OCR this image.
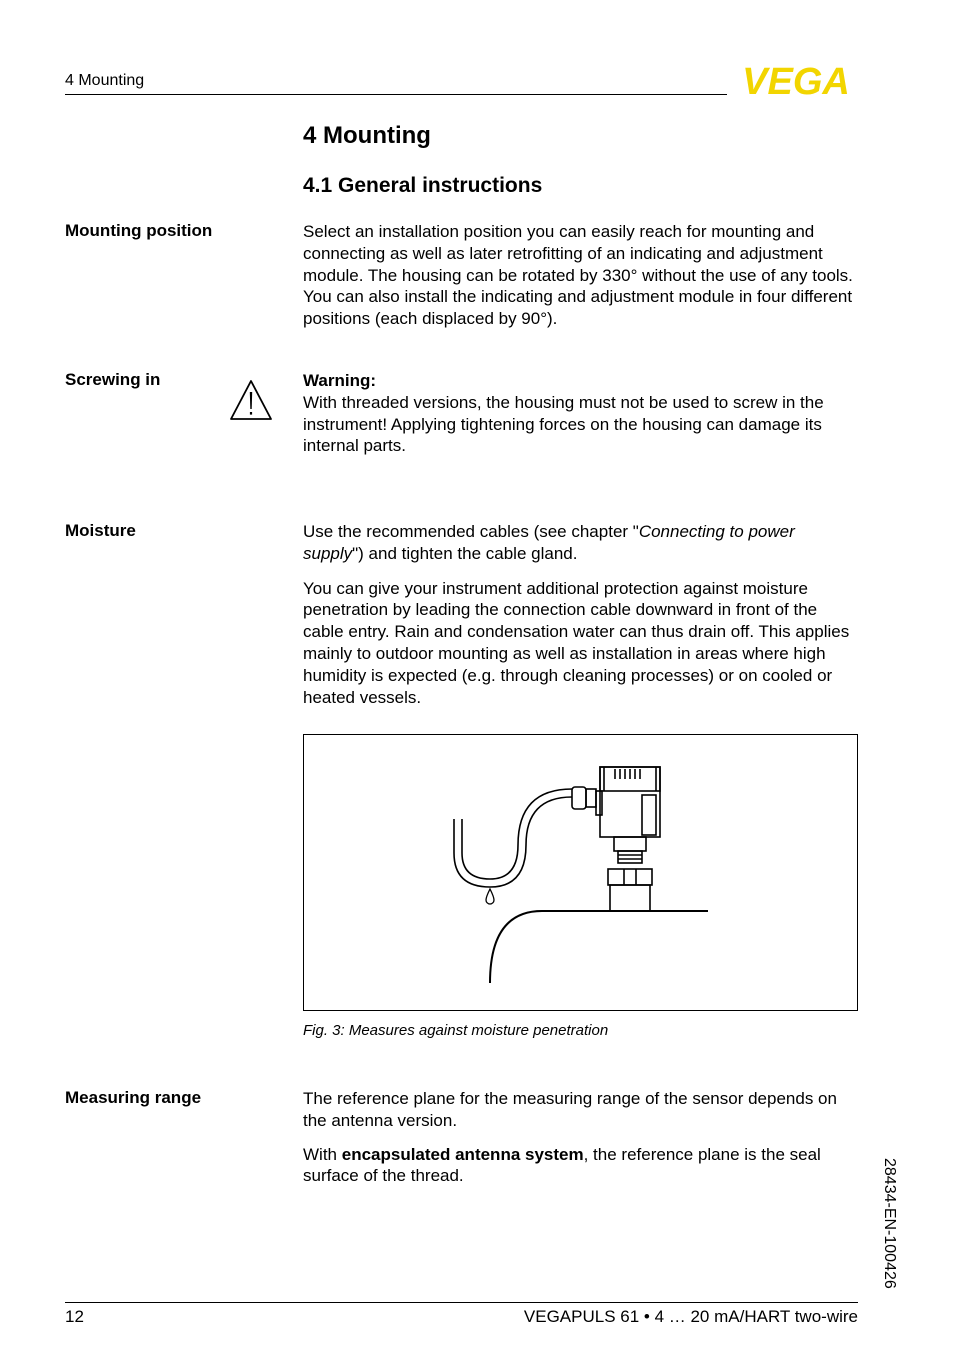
4 Mounting	VEGA
4 Mounting
4.1 General instructions
Mounting position	Select an installation position you can easily reach for mounting and connecting as well as later retrofitting of an indicating and adjustment module. The housing can be rotated by 330° without the use of any tools. You can also install the indicating and adjustment module in four different positions (each displaced by 90°).

Screwing in	Warning:

With threaded versions, the housing must not be used to screw in the instrument! Applying tightening forces on the housing can damage its internal parts.

Moisture	Use the recommended cables (see chapter "Connecting to power supply") and tighten the cable gland.

You can give your instrument additional protection against moisture penetration by leading the connection cable downward in front of the cable entry. Rain and condensation water can thus drain off. This applies mainly to outdoor mounting as well as installation in areas where high humidity is expected (e.g. through cleaning processes) or on cooled or heated vessels.

Fig. 3: Measures against moisture penetration
Measuring range	The reference plane for the measuring range of the sensor depends on the antenna version.

With encapsulated antenna system, the reference plane is the seal surface of the thread.	28434-EN-100426
12	VEGAPULS 61 • 4 … 20 mA/HART two-wire
